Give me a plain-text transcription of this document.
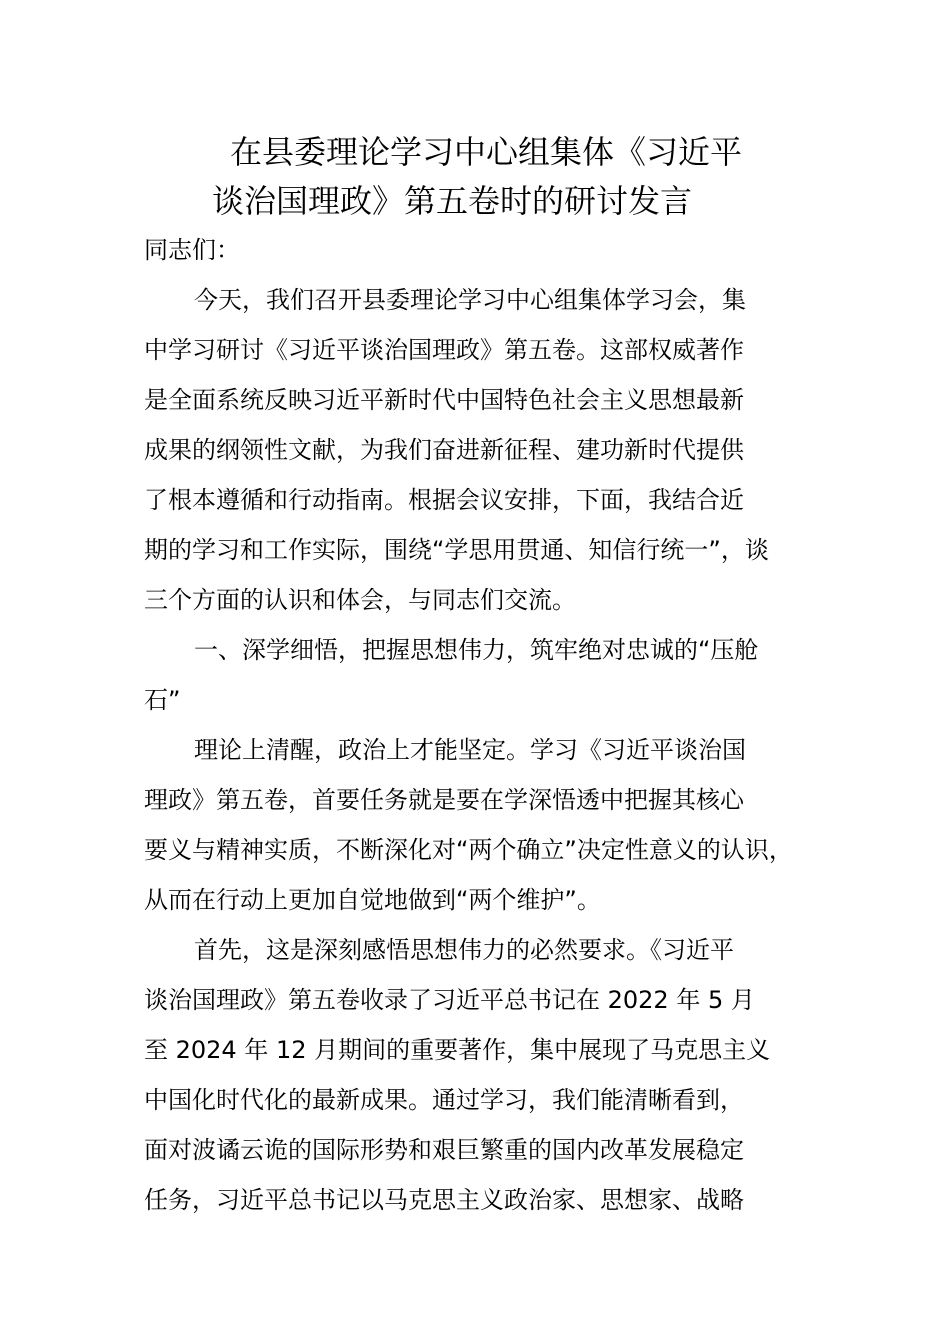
在县委理论学习中心组集体《习近平
谈治国理政》第五卷时的研讨发言
同志们：
今天，我们召开县委理论学习中心组集体学习会，集
中学习研讨《习近平谈治国理政》第五卷。这部权威著作
是全面系统反映习近平新时代中国特色社会主义思想最新
成果的纲领性文献，为我们奋进新征程、建功新时代提供
了根本遵循和行动指南。根据会议安排，下面，我结合近
期的学习和工作实际，围绕“学思用贯通、知信行统一”，谈
三个方面的认识和体会，与同志们交流。
一、深学细悟，把握思想伟力，筑牢绝对忠诚的“压舱
石”
理论上清醒，政治上才能坚定。学习《习近平谈治国
理政》第五卷，首要任务就是要在学深悟透中把握其核心
要义与精神实质，不断深化对“两个确立”决定性意义的认识，
从而在行动上更加自觉地做到“两个维护”。
首先，这是深刻感悟思想伟力的必然要求。《习近平
谈治国理政》第五卷收录了习近平总书记在 2022 年 5 月
至 2024 年 12 月期间的重要著作，集中展现了马克思主义
中国化时代化的最新成果。通过学习，我们能清晰看到，
面对波谲云诡的国际形势和艰巨繁重的国内改革发展稳定
任务，习近平总书记以马克思主义政治家、思想家、战略
